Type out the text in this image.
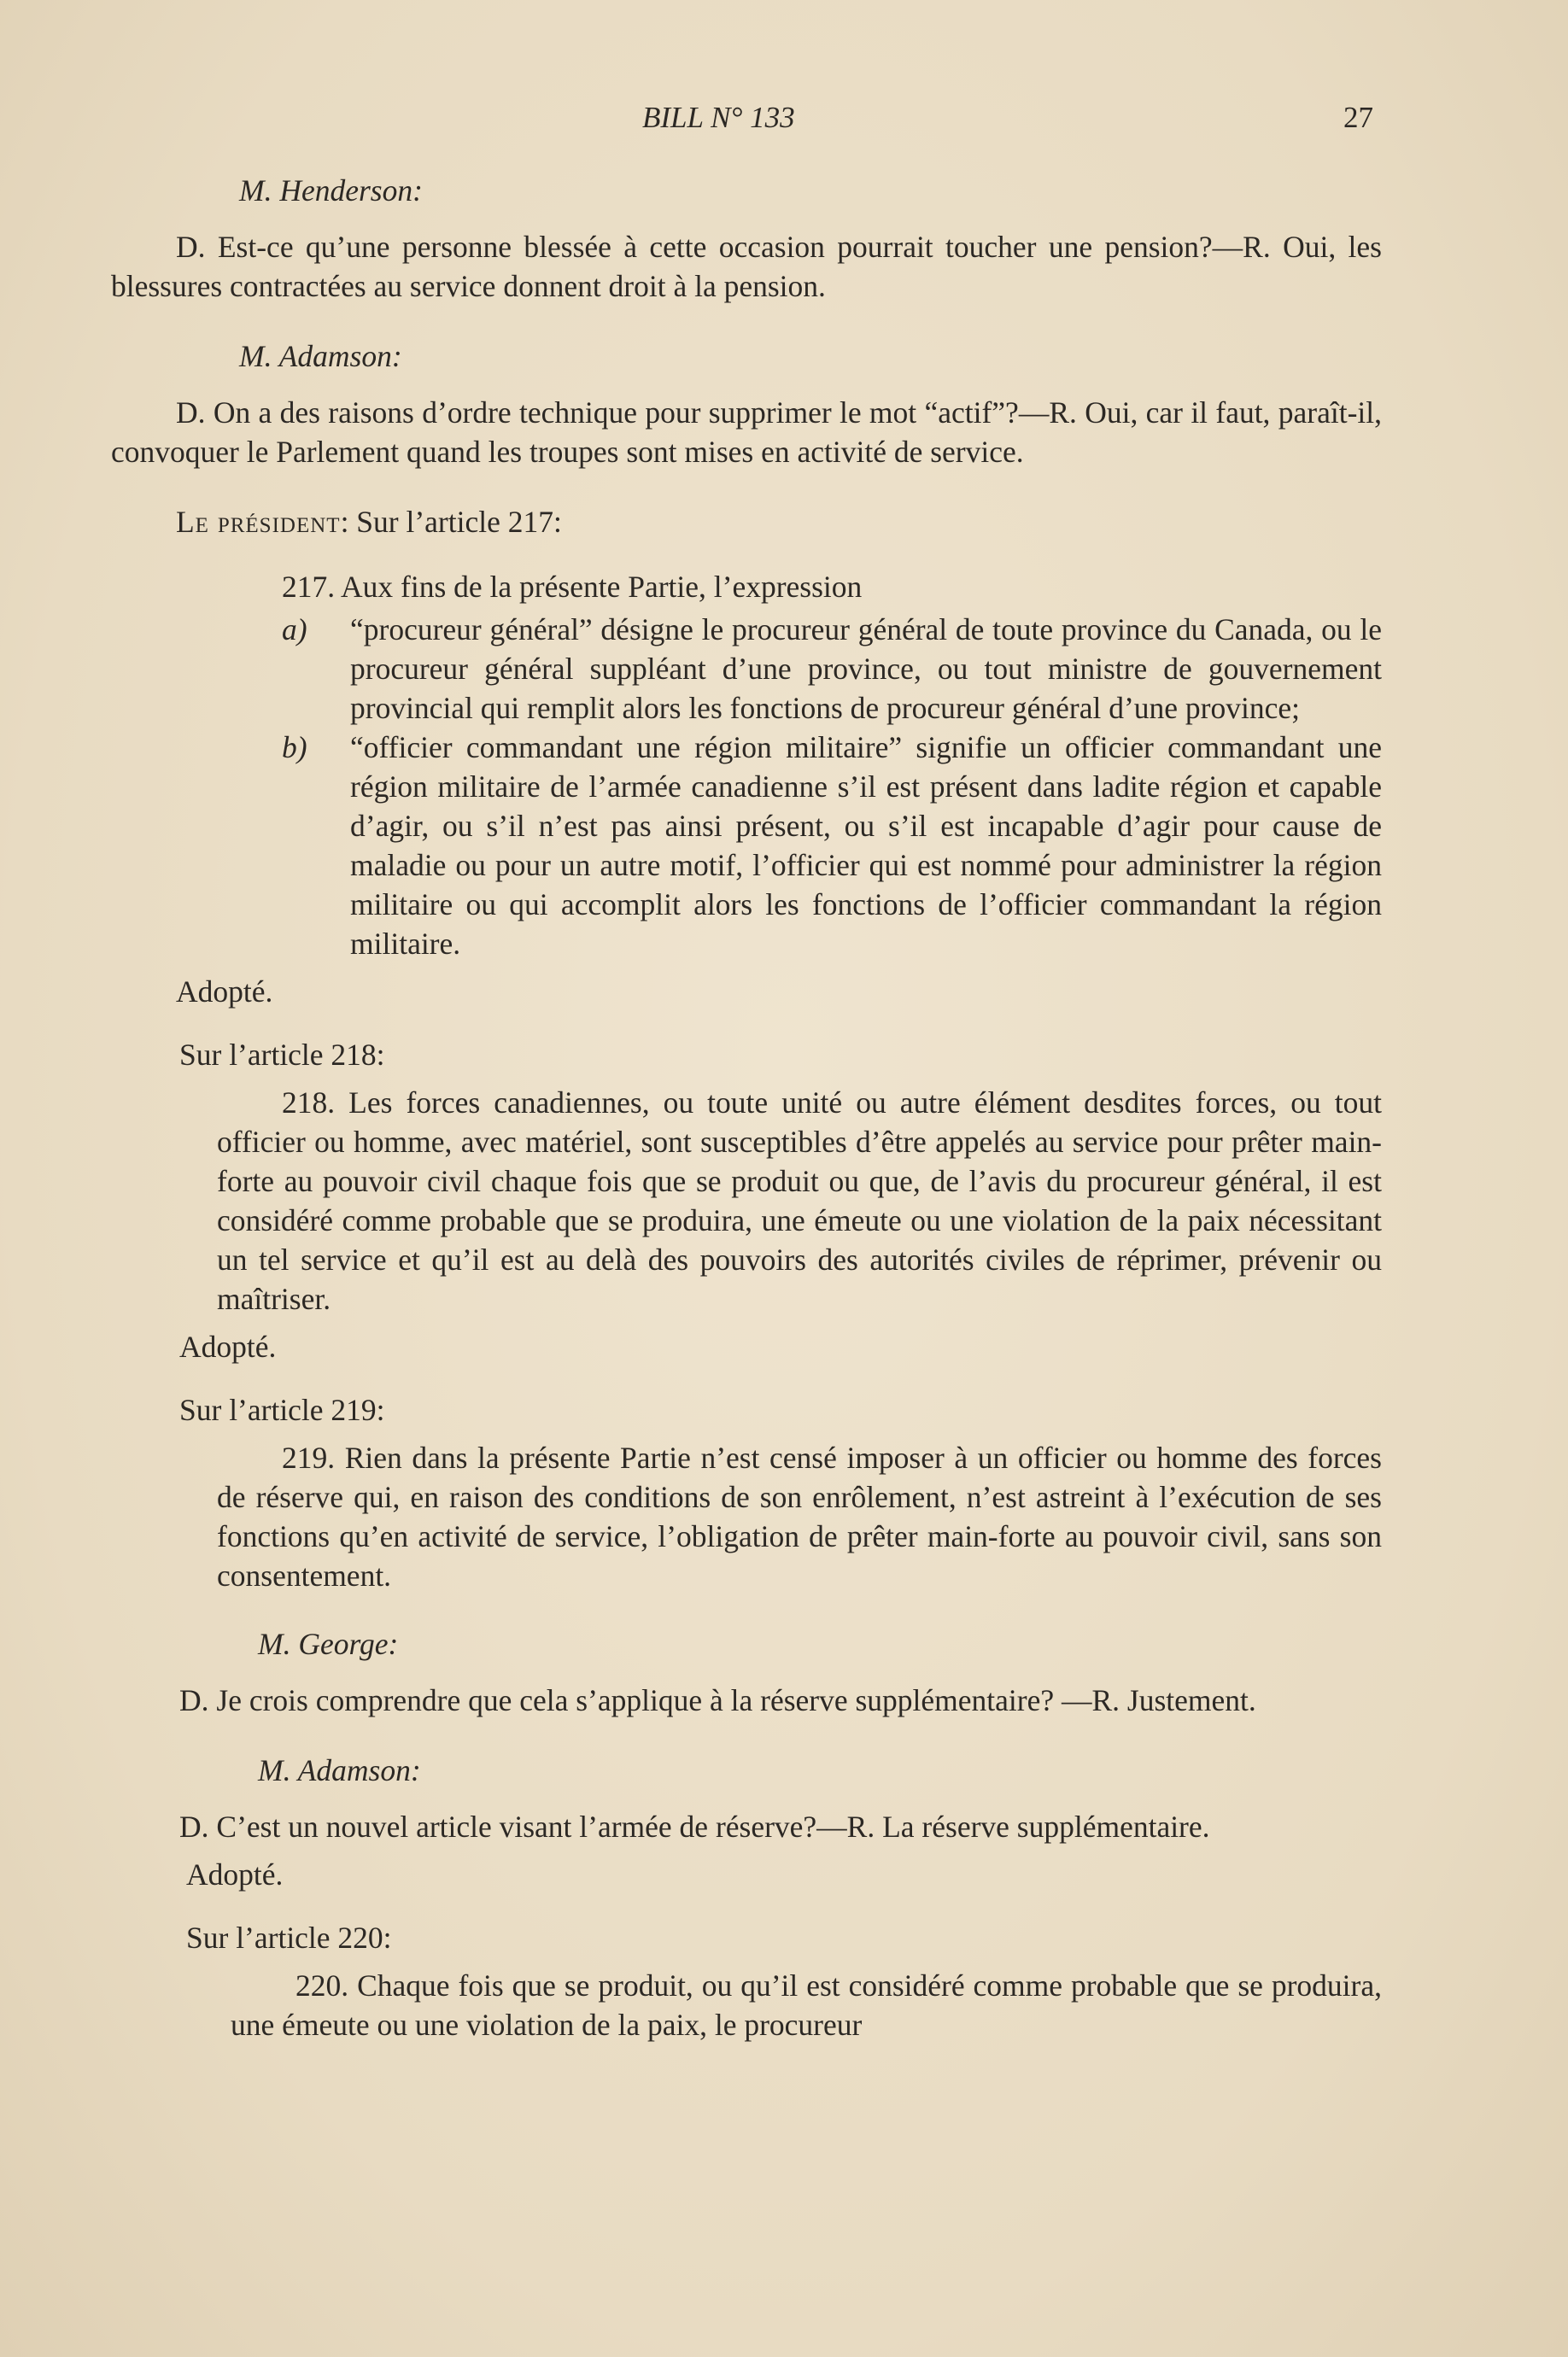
BILL N° 133	27

M. Henderson:

D. Est-ce qu’une personne blessée à cette occasion pourrait toucher une pension?—R. Oui, les blessures contractées au service donnent droit à la pension.

M. Adamson:

D. On a des raisons d’ordre technique pour supprimer le mot “actif”?—R. Oui, car il faut, paraît-il, convoquer le Parlement quand les troupes sont mises en activité de service.

Le président: Sur l’article 217:

217. Aux fins de la présente Partie, l’expression

a)	“procureur général” désigne le procureur général de toute province du Canada, ou le procureur général suppléant d’une province, ou tout ministre de gouvernement provincial qui remplit alors les fonctions de procureur général d’une province;
b)	“officier commandant une région militaire” signifie un officier commandant une région militaire de l’armée canadienne s’il est présent dans ladite région et capable d’agir, ou s’il n’est pas ainsi présent, ou s’il est incapable d’agir pour cause de maladie ou pour un autre motif, l’officier qui est nommé pour administrer la région militaire ou qui accomplit alors les fonctions de l’officier commandant la région militaire.

Adopté.

Sur l’article 218:

218. Les forces canadiennes, ou toute unité ou autre élément desdites forces, ou tout officier ou homme, avec matériel, sont susceptibles d’être appelés au service pour prêter main-forte au pouvoir civil chaque fois que se produit ou que, de l’avis du procureur général, il est considéré comme probable que se produira, une émeute ou une violation de la paix nécessitant un tel service et qu’il est au delà des pouvoirs des autorités civiles de réprimer, prévenir ou maîtriser.

Adopté.

Sur l’article 219:

219. Rien dans la présente Partie n’est censé imposer à un officier ou homme des forces de réserve qui, en raison des conditions de son enrôlement, n’est astreint à l’exécution de ses fonctions qu’en activité de service, l’obligation de prêter main-forte au pouvoir civil, sans son consentement.

M. George:

D. Je crois comprendre que cela s’applique à la réserve supplémentaire? —R. Justement.

M. Adamson:

D. C’est un nouvel article visant l’armée de réserve?—R. La réserve supplémentaire.

Adopté.

Sur l’article 220:

220. Chaque fois que se produit, ou qu’il est considéré comme probable que se produira, une émeute ou une violation de la paix, le procureur
